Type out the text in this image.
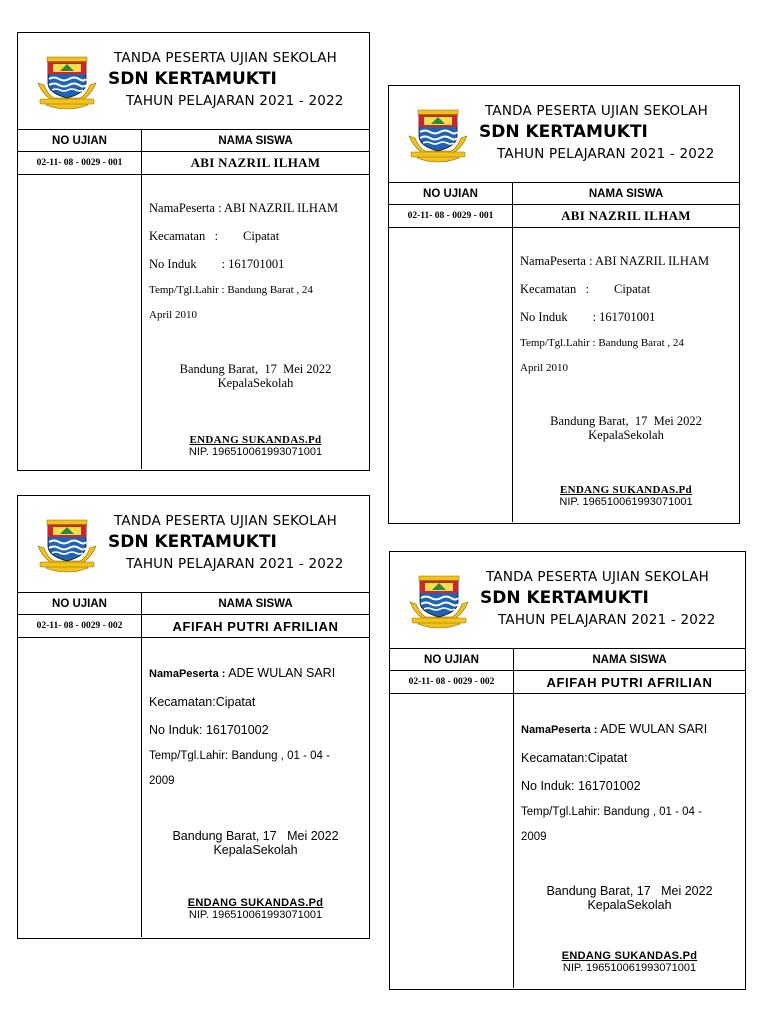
TANDA PESERTA UJIAN SEKOLAH
SDN KERTAMUKTI
TAHUN PELAJARAN 2021 - 2022
NO UJIAN	NAMA SISWA
02-11- 08 - 0029 - 001	ABI NAZRIL ILHAM
NamaPeserta : ABI NAZRIL ILHAM
Kecamatan   :        Cipatat
No Induk        : 161701001
Temp/Tgl.Lahir : Bandung Barat , 24
April 2010
Bandung Barat,  17  Mei 2022
KepalaSekolah
ENDANG SUKANDAS.Pd
NIP. 196510061993071001
TANDA PESERTA UJIAN SEKOLAH
SDN KERTAMUKTI
TAHUN PELAJARAN 2021 - 2022
NO UJIAN	NAMA SISWA
02-11- 08 - 0029 - 001	ABI NAZRIL ILHAM
NamaPeserta : ABI NAZRIL ILHAM
Kecamatan   :        Cipatat
No Induk        : 161701001
Temp/Tgl.Lahir : Bandung Barat , 24
April 2010
Bandung Barat,  17  Mei 2022
KepalaSekolah
ENDANG SUKANDAS.Pd
NIP. 196510061993071001
TANDA PESERTA UJIAN SEKOLAH
SDN KERTAMUKTI
TAHUN PELAJARAN 2021 - 2022
NO UJIAN	NAMA SISWA
02-11- 08 - 0029 - 002	AFIFAH PUTRI AFRILIAN
NamaPeserta : ADE WULAN SARI
Kecamatan:Cipatat
No Induk: 161701002
Temp/Tgl.Lahir: Bandung , 01 - 04 -
2009
Bandung Barat, 17   Mei 2022
KepalaSekolah
ENDANG SUKANDAS.Pd
NIP. 196510061993071001
TANDA PESERTA UJIAN SEKOLAH
SDN KERTAMUKTI
TAHUN PELAJARAN 2021 - 2022
NO UJIAN	NAMA SISWA
02-11- 08 - 0029 - 002	AFIFAH PUTRI AFRILIAN
NamaPeserta : ADE WULAN SARI
Kecamatan:Cipatat
No Induk: 161701002
Temp/Tgl.Lahir: Bandung , 01 - 04 -
2009
Bandung Barat, 17   Mei 2022
KepalaSekolah
ENDANG SUKANDAS.Pd
NIP. 196510061993071001
